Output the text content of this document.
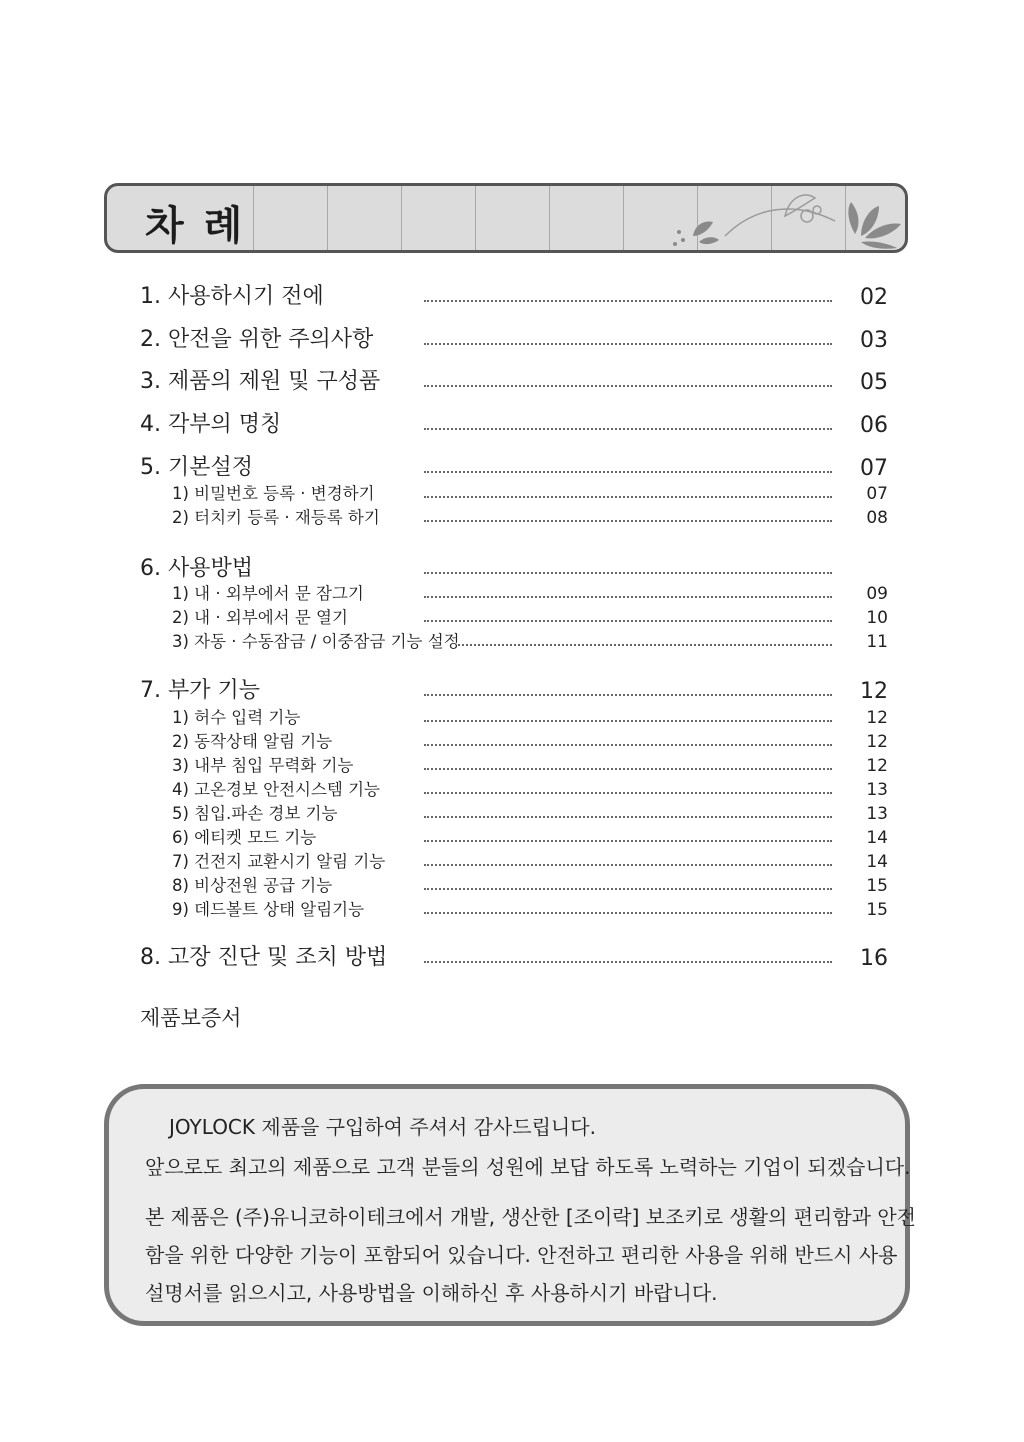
차례
1. 사용하시기 전에	02
2. 안전을 위한 주의사항	03
3. 제품의 제원 및 구성품	05
4. 각부의 명칭	06
5. 기본설정	07
1) 비밀번호 등록 · 변경하기	07
2) 터치키 등록 · 재등록 하기	08
6. 사용방법
1) 내 · 외부에서 문 잠그기	09
2) 내 · 외부에서 문 열기	10
3) 자동 · 수동잠금 / 이중잠금 기능 설정	11
7. 부가 기능	12
1) 허수 입력 기능	12
2) 동작상태 알림 기능	12
3) 내부 침입 무력화 기능	12
4) 고온경보 안전시스템 기능	13
5) 침입.파손 경보 기능	13
6) 에티켓 모드 기능	14
7) 건전지 교환시기 알림 기능	14
8) 비상전원 공급 기능	15
9) 데드볼트 상태 알림기능	15
8. 고장 진단 및 조치 방법	16
제품보증서

JOYLOCK 제품을 구입하여 주셔서 감사드립니다.

앞으로도 최고의 제품으로 고객 분들의 성원에 보답 하도록 노력하는 기업이 되겠습니다.

본 제품은 (주)유니코하이테크에서 개발, 생산한 [조이락] 보조키로 생활의 편리함과 안전

함을 위한 다양한 기능이 포함되어 있습니다. 안전하고 편리한 사용을 위해 반드시 사용

설명서를 읽으시고, 사용방법을 이해하신 후 사용하시기 바랍니다.
